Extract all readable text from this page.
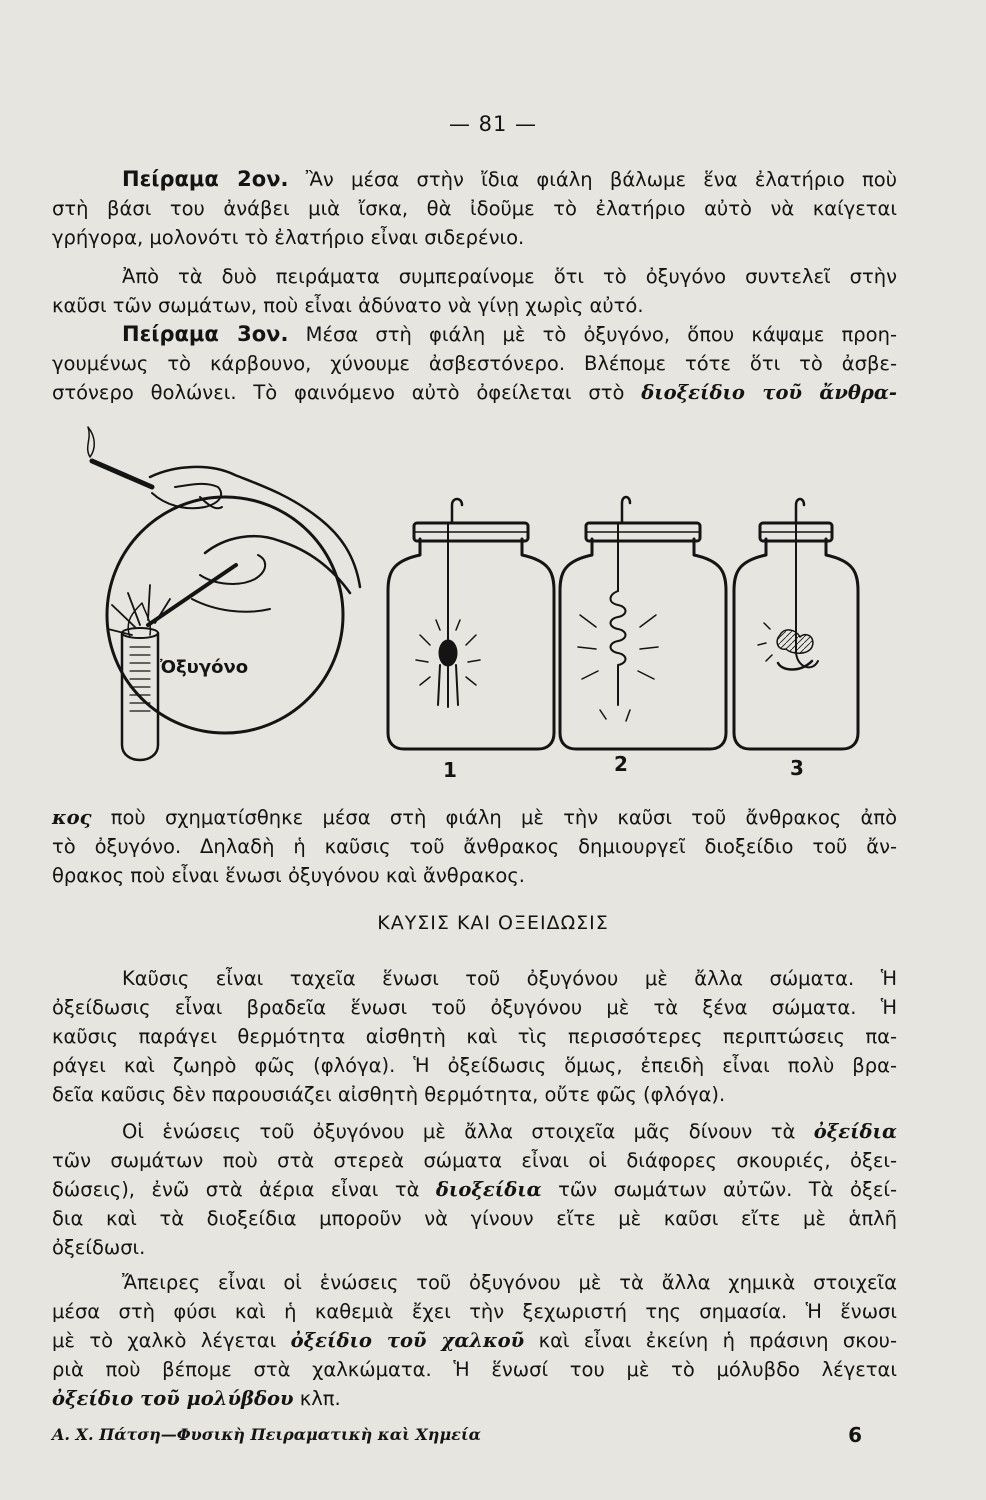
— 81 —

Πείραμα 2ον. Ἂν μέσα στὴν ἴδια φιάλη βάλωμε ἕνα ἐλατήριο ποὺ
στὴ βάσι του ἀνάβει μιὰ ἴσκα, θὰ ἰδοῦμε τὸ ἐλατήριο αὐτὸ νὰ καίγεται
γρήγορα, μολονότι τὸ ἐλατήριο εἶναι σιδερένιο.

Ἀπὸ τὰ δυὸ πειράματα συμπεραίνομε ὅτι τὸ ὀξυγόνο συντελεῖ στὴν
καῦσι τῶν σωμάτων, ποὺ εἶναι ἀδύνατο νὰ γίνῃ χωρὶς αὐτό.

Πείραμα 3ον. Μέσα στὴ φιάλη μὲ τὸ ὀξυγόνο, ὅπου κάψαμε προη-
γουμένως τὸ κάρβουνο, χύνουμε ἀσβεστόνερο. Βλέπομε τότε ὅτι τὸ ἀσβε-
στόνερο θολώνει. Τὸ φαινόμενο αὐτὸ ὀφείλεται στὸ διοξείδιο τοῦ ἄνθρα-

Ὀξυγόνο
1	2	3

κος ποὺ σχηματίσθηκε μέσα στὴ φιάλη μὲ τὴν καῦσι τοῦ ἄνθρακος ἀπὸ
τὸ ὀξυγόνο. Δηλαδὴ ἡ καῦσις τοῦ ἄνθρακος δημιουργεῖ διοξείδιο τοῦ ἄν-
θρακος ποὺ εἶναι ἕνωσι ὀξυγόνου καὶ ἄνθρακος.

ΚΑΥΣΙΣ ΚΑΙ ΟΞΕΙΔΩΣΙΣ

Καῦσις εἶναι ταχεῖα ἕνωσι τοῦ ὀξυγόνου μὲ ἄλλα σώματα. Ἡ
ὀξείδωσις εἶναι βραδεῖα ἕνωσι τοῦ ὀξυγόνου μὲ τὰ ξένα σώματα. Ἡ
καῦσις παράγει θερμότητα αἰσθητὴ καὶ τὶς περισσότερες περιπτώσεις πα-
ράγει καὶ ζωηρὸ φῶς (φλόγα). Ἡ ὀξείδωσις ὅμως, ἐπειδὴ εἶναι πολὺ βρα-
δεῖα καῦσις δὲν παρουσιάζει αἰσθητὴ θερμότητα, οὔτε φῶς (φλόγα).

Οἱ ἑνώσεις τοῦ ὀξυγόνου μὲ ἄλλα στοιχεῖα μᾶς δίνουν τὰ ὀξείδια
τῶν σωμάτων ποὺ στὰ στερεὰ σώματα εἶναι οἱ διάφορες σκουριές, ὀξει-
δώσεις), ἐνῶ στὰ ἀέρια εἶναι τὰ διοξείδια τῶν σωμάτων αὐτῶν. Τὰ ὀξεί-
δια καὶ τὰ διοξείδια μποροῦν νὰ γίνουν εἴτε μὲ καῦσι εἴτε μὲ ἁπλῆ
ὀξείδωσι.

Ἄπειρες εἶναι οἱ ἑνώσεις τοῦ ὀξυγόνου μὲ τὰ ἄλλα χημικὰ στοιχεῖα
μέσα στὴ φύσι καὶ ἡ καθεμιὰ ἔχει τὴν ξεχωριστή της σημασία. Ἡ ἕνωσι
μὲ τὸ χαλκὸ λέγεται ὀξείδιο τοῦ χαλκοῦ καὶ εἶναι ἐκείνη ἡ πράσινη σκου-
ριὰ ποὺ βέπομε στὰ χαλκώματα. Ἡ ἕνωσί του μὲ τὸ μόλυβδο λέγεται
ὀξείδιο τοῦ μολύβδου κλπ.

Α. Χ. Πάτση—Φυσικὴ Πειραματικὴ καὶ Χημεία	6
